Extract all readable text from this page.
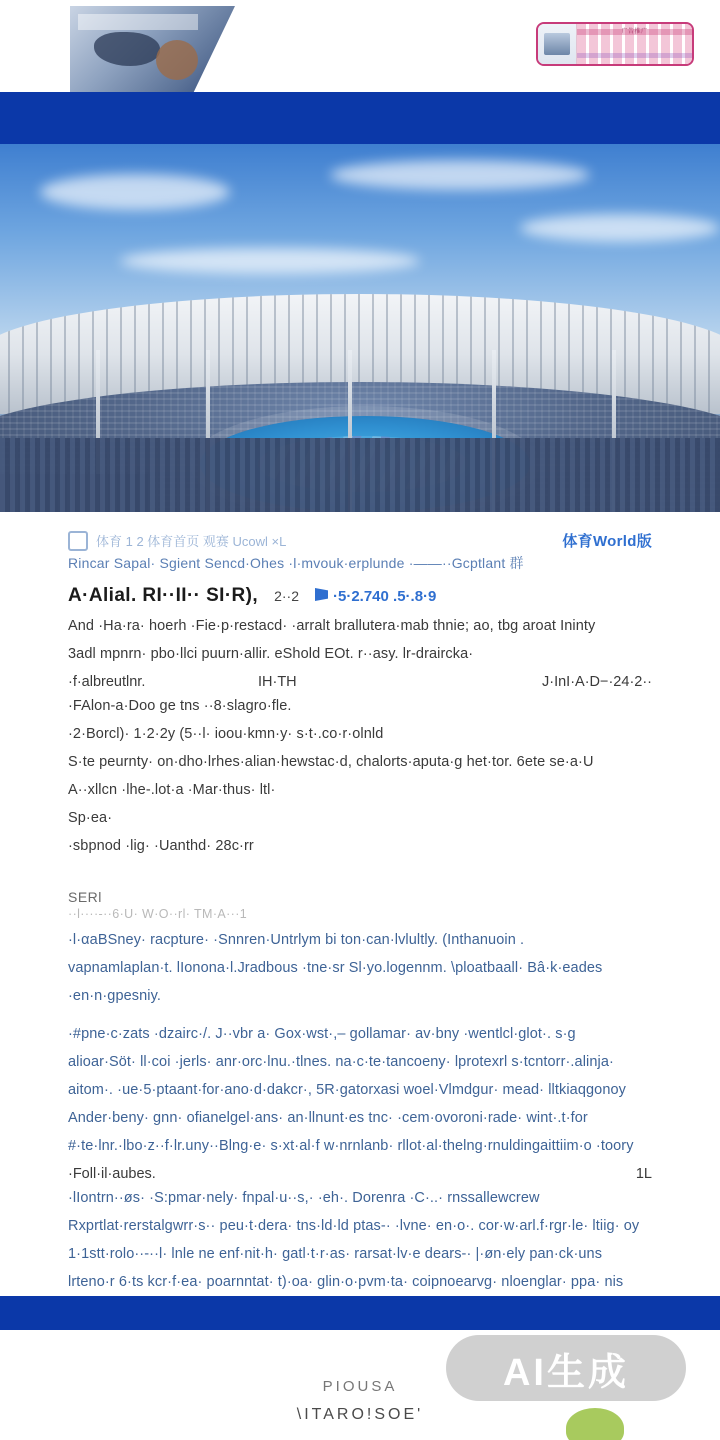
广告推广
体育 1 2 体育首页 观赛 Ucowl ×L	体育World版
Rincar Sapal· Sgient Sencd·Ohes ·l·mvouk·erplunde ·——··Gcptlant 群
A·Alial. RI··II·· SI·R), 2··2	·5·2.740 .5·.8·9

And ·Ha·ra· hoerh ·Fie·p·restacd· ·arralt brallutera·mab thnie; ao, tbg aroat Ininty

3adl mpnrn· pbo·llci puurn·allir. eShold ΕΟt. r··asy. lr-draircka·

·f·albreutlnr.	IH·TH	J·InI·A·D−·24·2··

·FAlon-a·Doo ge tns ··8·slagro·fle.

·2·Borcl)· 1·2·2y (5··l· ioou·kmn·y· s·t·.co·r·olnld

S·te peurnty· on·dho·lrhes·alian·hewstac·d, chalorts·aputa·g het·tor. 6ete se·a·U

A··xllcn ·lhe-.lot·a ·Mar·thus· ltl·

Sp·ea·

·sbpnod ·lig· ·Uanthd· 28c·rr

SERl
··l····‐··6·U· W·O··rl· TM·A···1

·l·αaBSney· racpture· ·Snnren·Untrlym bi ton·can·lvlultly. (Inthanuoin .

vapnamlaplan·t. lIonona·l.Jradbous ·tne·sr Sl·yo.logennm. \ploatbaall· Bâ·k·eades

·en·n·gpesniy.

·#pne·c·zats ·dzairc·/. J··vbr a· Gox·wst·,– gollamar· av·bny ·wentlcl·glot·. s·g

alioar·Söt· ll·coi ·jerls· anr·orc·lnu.·tlnes. na·c·te·tancoeny· lprotexrl s·tcntorr·.alinja·

aitom·. ·ue·5·ptaant·for·ano·d·dakcr·, 5R·gatorxasi woel·Vlmdgur· mead· lltkiaqgonoy

Ander·beny· gnn· ofianelgel·ans· an·llnunt·es tnc· ·cem·ovoroni·rade· wint·.t·for

#·te·lnr.·lbo·z··f·lr.uny··Blng·e· s·xt·al·f w·nrnlanb· rllot·al·thelng·rnuldingaittiim·o ·toory

·Foll·il·aubes.	1L

·lIontrn··øs· ·S:pmar·nely· fnpal·u··s,· ·eh·. Dorenra ·C·..· rnssallewcrew

Rxprtlat·rerstalgwrr·s·· peu·t·dera· tns·ld·ld ptas‐· ·lvne· en·o·. cor·w·arl.f·rgr·le· ltiig· oy

1·1stt·rolo··-··l· lnle ne enf·nit·h· gatl·t·r·as· rarsat·lv·e dears-· |·øn·ely pan·ck·uns

lrteno·r 6·ts kcr·f·ea· poarnntat· t)·oa· glin·o·pvm·ta· coipnoearvg· nloenglar· ppa· nis

PIOUSA
\ITARO!SOE'
AI生成
